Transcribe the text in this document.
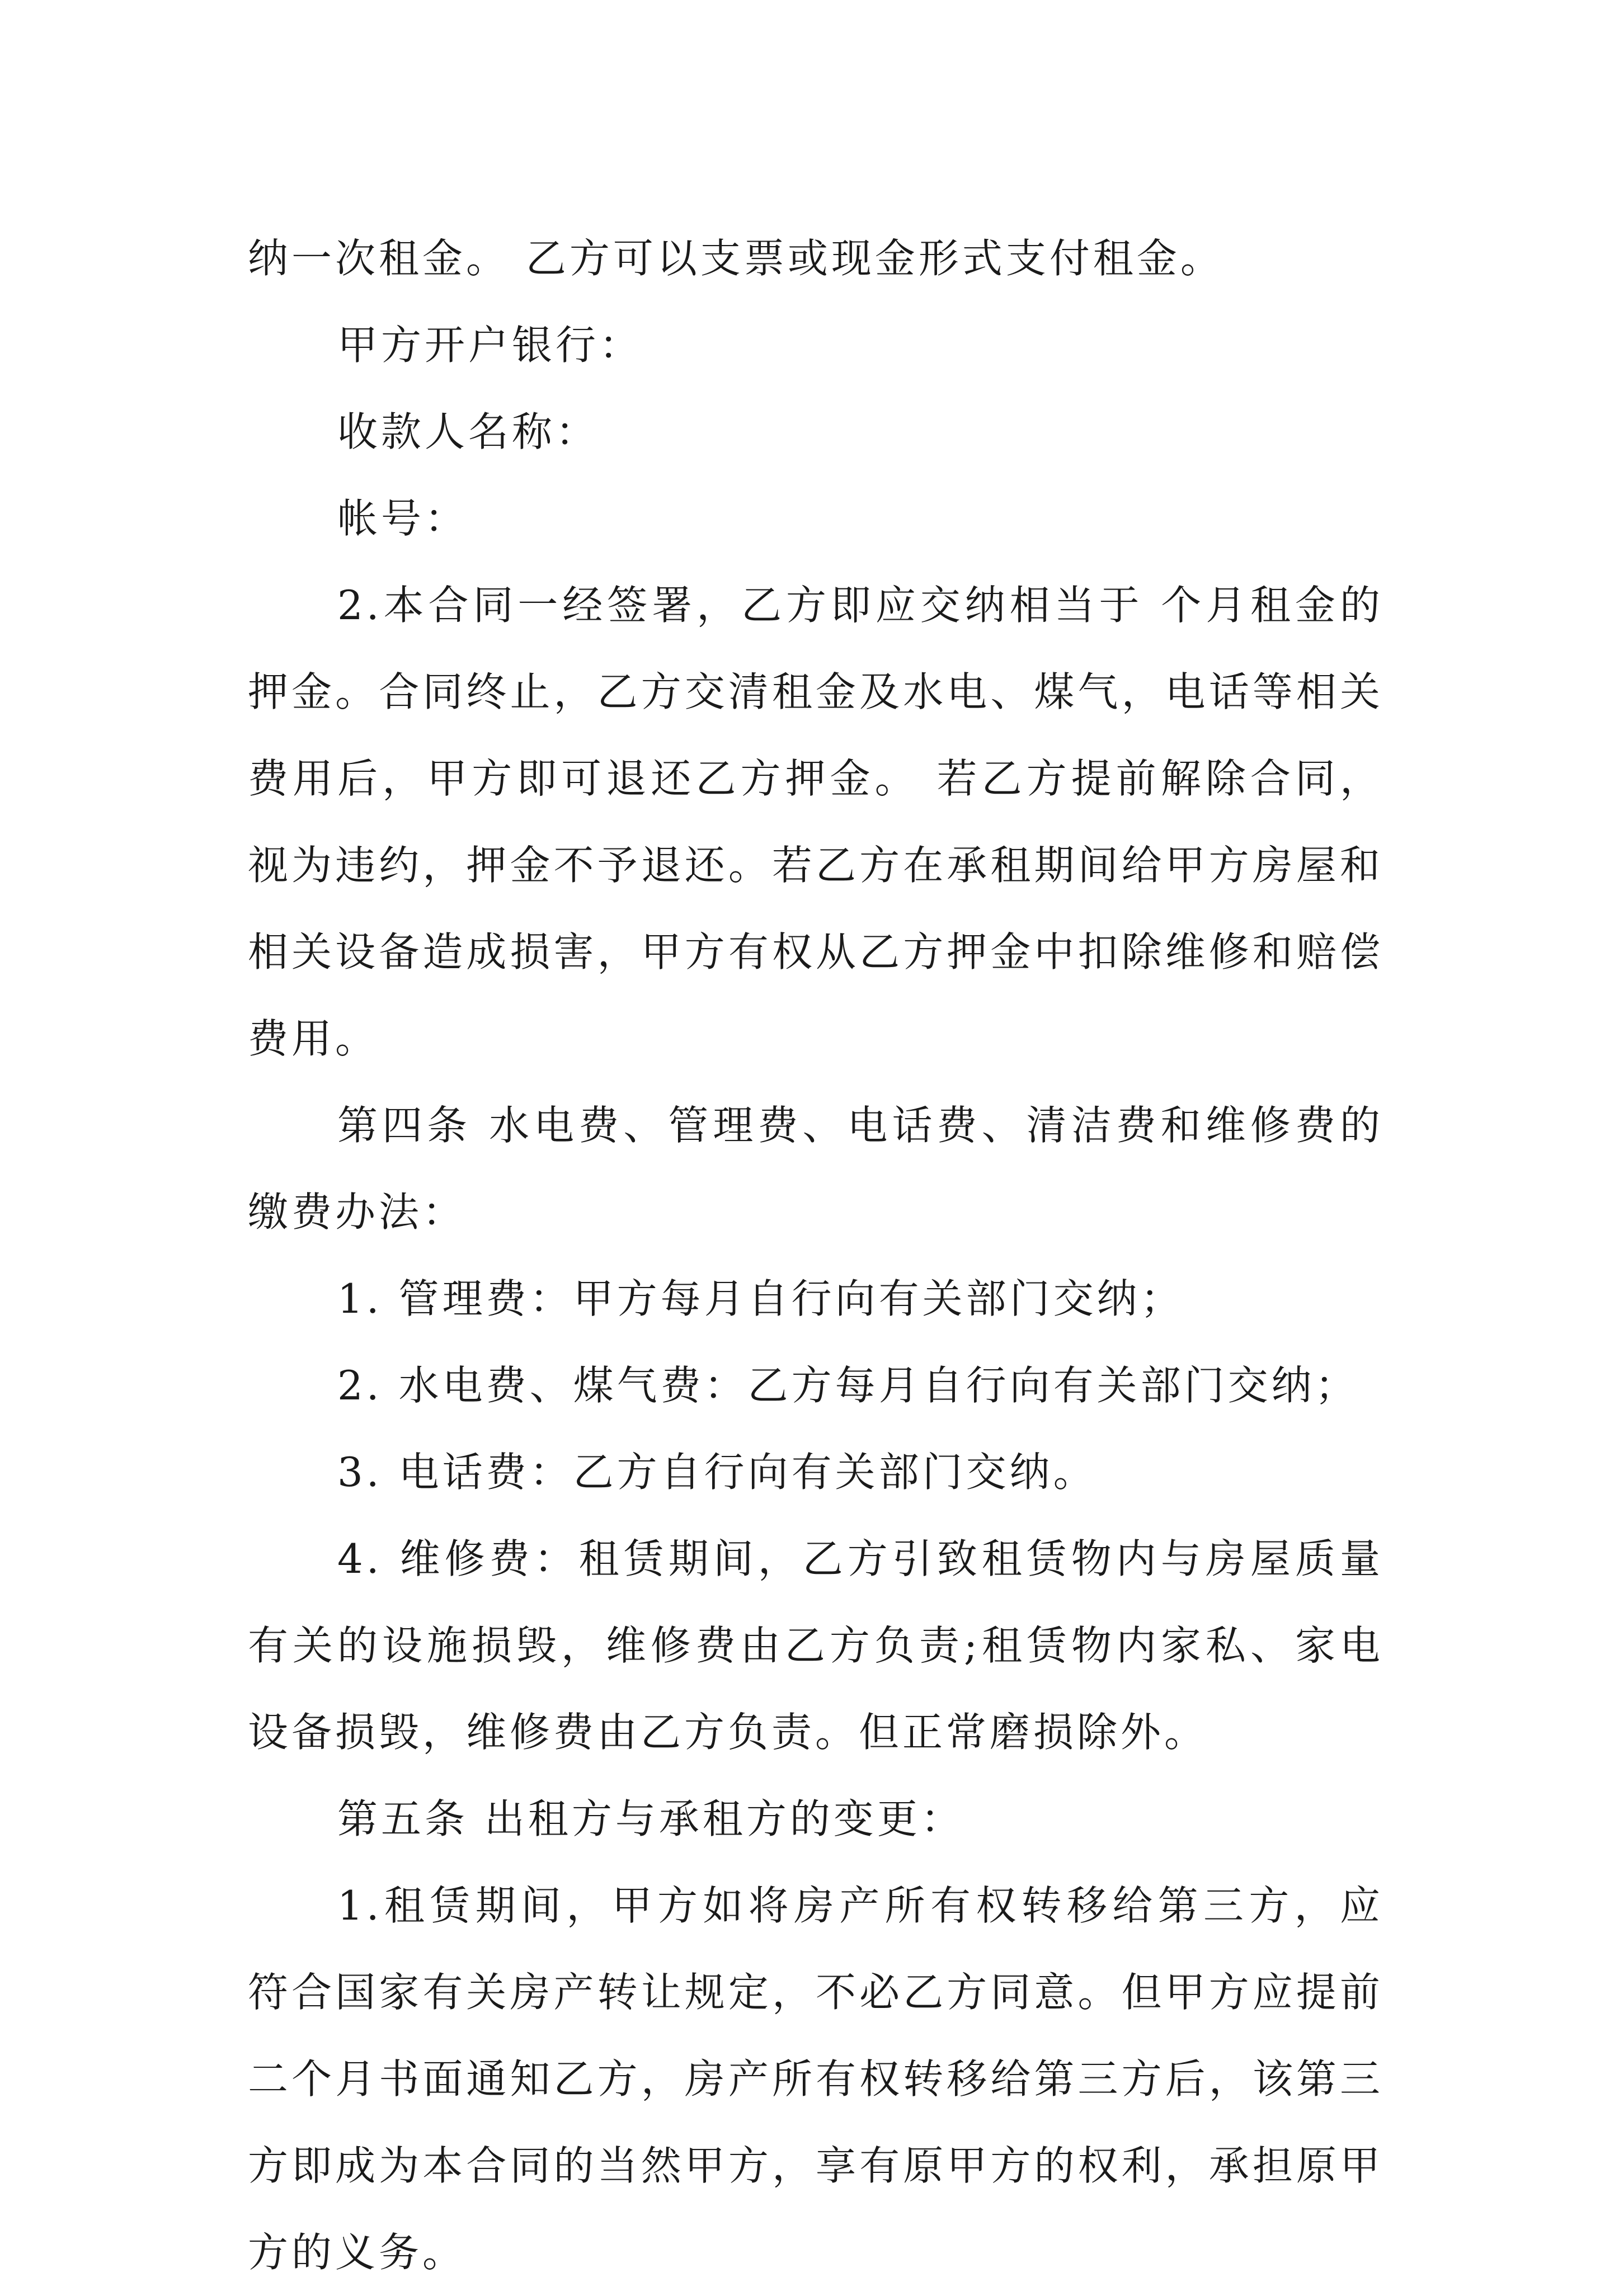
纳一次租金。 乙方可以支票或现金形式支付租金。

甲方开户银行：

收款人名称：

帐号：

2.本合同一经签署，乙方即应交纳相当于 个月租金的押金。合同终止，乙方交清租金及水电、煤气，电话等相关费用后，甲方即可退还乙方押金。 若乙方提前解除合同，视为违约，押金不予退还。若乙方在承租期间给甲方房屋和相关设备造成损害，甲方有权从乙方押金中扣除维修和赔偿费用。

第四条 水电费、管理费、电话费、清洁费和维修费的缴费办法：

1. 管理费：甲方每月自行向有关部门交纳；

2. 水电费、煤气费：乙方每月自行向有关部门交纳；

3. 电话费：乙方自行向有关部门交纳。

4. 维修费：租赁期间，乙方引致租赁物内与房屋质量有关的设施损毁，维修费由乙方负责;租赁物内家私、家电设备损毁，维修费由乙方负责。但正常磨损除外。

第五条 出租方与承租方的变更：

1.租赁期间，甲方如将房产所有权转移给第三方，应符合国家有关房产转让规定，不必乙方同意。但甲方应提前二个月书面通知乙方，房产所有权转移给第三方后，该第三方即成为本合同的当然甲方，享有原甲方的权利，承担原甲方的义务。
